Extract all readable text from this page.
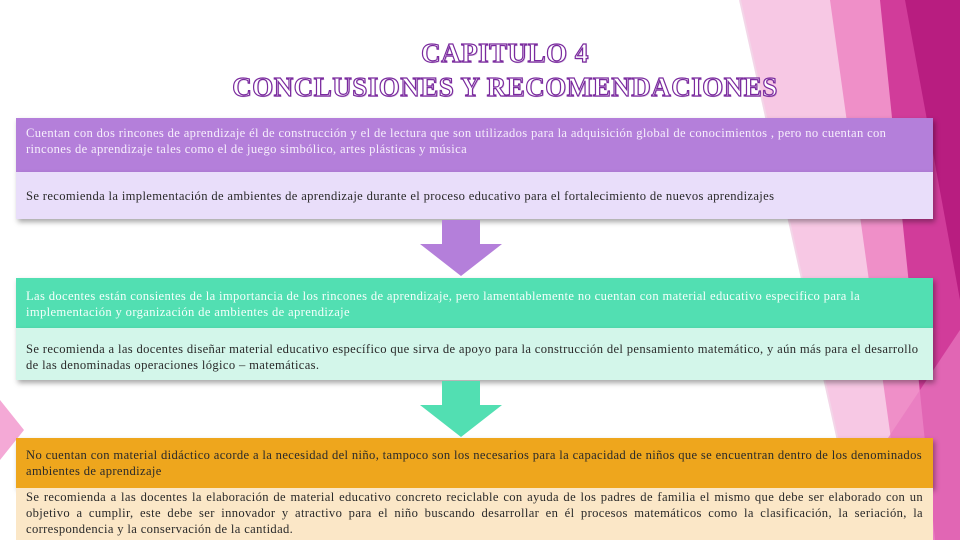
CAPITULO 4
CONCLUSIONES Y RECOMENDACIONES
Cuentan con dos rincones de aprendizaje él de construcción y el de lectura que son utilizados para la adquisición global de conocimientos , pero no cuentan con rincones de aprendizaje tales como el de juego simbólico, artes plásticas y música
Se recomienda la implementación de ambientes de aprendizaje durante el proceso educativo para el fortalecimiento de nuevos aprendizajes
Las docentes están consientes de la importancia de los rincones de aprendizaje, pero lamentablemente no cuentan con material educativo especifico para la implementación y organización de ambientes de aprendizaje
Se recomienda a las docentes diseñar material educativo específico que sirva de apoyo para la construcción del pensamiento matemático, y aún más para el desarrollo de las denominadas operaciones lógico – matemáticas.
No cuentan con material didáctico acorde a la necesidad del niño, tampoco son los necesarios para la capacidad de niños que se encuentran dentro de los denominados ambientes de aprendizaje
Se recomienda a las docentes la elaboración de material educativo concreto reciclable con ayuda de los padres de familia el mismo que debe ser elaborado con un objetivo a cumplir, este debe ser innovador y atractivo para el niño buscando desarrollar en él procesos matemáticos como la clasificación, la seriación, la correspondencia y la conservación de la cantidad.
